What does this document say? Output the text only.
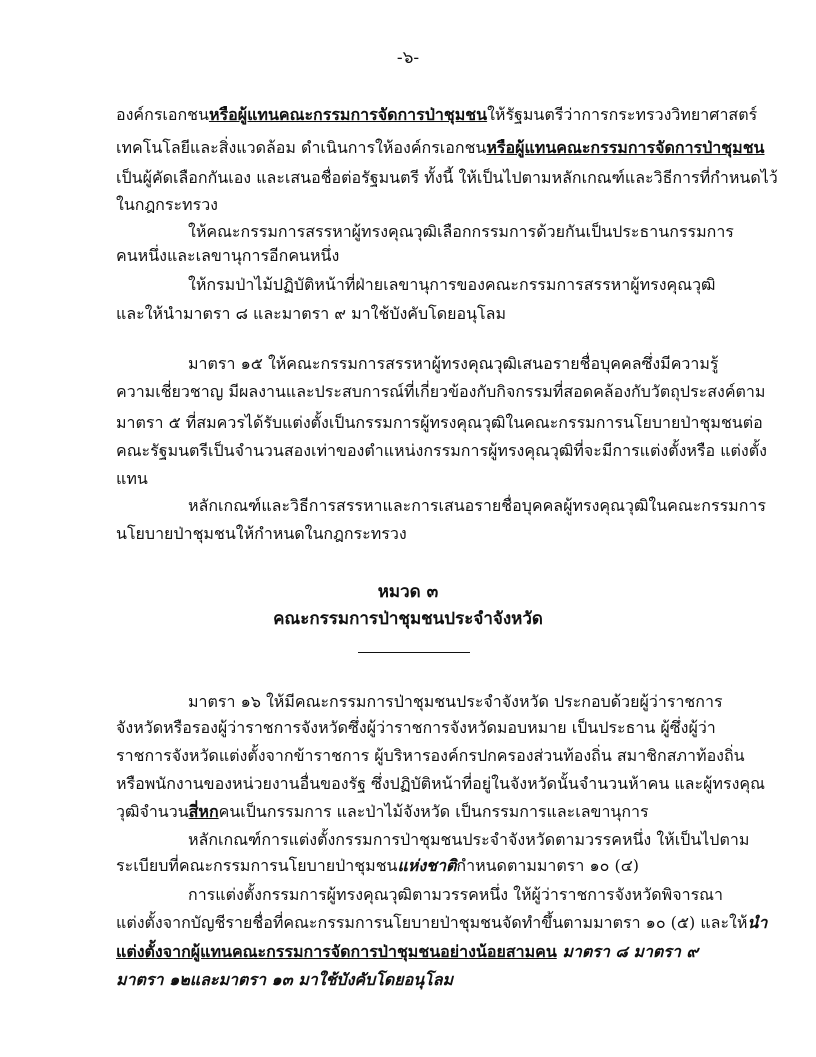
-๖-
องค์กรเอกชนหรือผู้แทนคณะกรรมการจัดการป่าชุมชนให้รัฐมนตรีว่าการกระทรวงวิทยาศาสตร์
เทคโนโลยีและสิ่งแวดล้อม ดำเนินการให้องค์กรเอกชนหรือผู้แทนคณะกรรมการจัดการป่าชุมชน
เป็นผู้คัดเลือกกันเอง และเสนอชื่อต่อรัฐมนตรี ทั้งนี้ ให้เป็นไปตามหลักเกณฑ์และวิธีการที่กำหนดไว้
ในกฎกระทรวง
ให้คณะกรรมการสรรหาผู้ทรงคุณวุฒิเลือกกรรมการด้วยกันเป็นประธานกรรมการ
คนหนึ่งและเลขานุการอีกคนหนึ่ง
ให้กรมป่าไม้ปฏิบัติหน้าที่ฝ่ายเลขานุการของคณะกรรมการสรรหาผู้ทรงคุณวุฒิ
และให้นำมาตรา ๘ และมาตรา ๙ มาใช้บังคับโดยอนุโลม
มาตรา ๑๕ ให้คณะกรรมการสรรหาผู้ทรงคุณวุฒิเสนอรายชื่อบุคคลซึ่งมีความรู้
ความเชี่ยวชาญ มีผลงานและประสบการณ์ที่เกี่ยวข้องกับกิจกรรมที่สอดคล้องกับวัตถุประสงค์ตาม
มาตรา ๕ ที่สมควรได้รับแต่งตั้งเป็นกรรมการผู้ทรงคุณวุฒิในคณะกรรมการนโยบายป่าชุมชนต่อ
คณะรัฐมนตรีเป็นจำนวนสองเท่าของตำแหน่งกรรมการผู้ทรงคุณวุฒิที่จะมีการแต่งตั้งหรือ แต่งตั้ง
แทน
หลักเกณฑ์และวิธีการสรรหาและการเสนอรายชื่อบุคคลผู้ทรงคุณวุฒิในคณะกรรมการ
นโยบายป่าชุมชนให้กำหนดในกฎกระทรวง
มาตรา ๑๖ ให้มีคณะกรรมการป่าชุมชนประจำจังหวัด ประกอบด้วยผู้ว่าราชการ
จังหวัดหรือรองผู้ว่าราชการจังหวัดซึ่งผู้ว่าราชการจังหวัดมอบหมาย เป็นประธาน ผู้ซึ่งผู้ว่า
ราชการจังหวัดแต่งตั้งจากข้าราชการ ผู้บริหารองค์กรปกครองส่วนท้องถิ่น สมาชิกสภาท้องถิ่น
หรือพนักงานของหน่วยงานอื่นของรัฐ ซึ่งปฏิบัติหน้าที่อยู่ในจังหวัดนั้นจำนวนห้าคน และผู้ทรงคุณ
วุฒิจำนวนสี่หกคนเป็นกรรมการ และป่าไม้จังหวัด เป็นกรรมการและเลขานุการ
หลักเกณฑ์การแต่งตั้งกรรมการป่าชุมชนประจำจังหวัดตามวรรคหนึ่ง ให้เป็นไปตาม
ระเบียบที่คณะกรรมการนโยบายป่าชุมชนแห่งชาติกำหนดตามมาตรา ๑๐ (๔)
การแต่งตั้งกรรมการผู้ทรงคุณวุฒิตามวรรคหนึ่ง ให้ผู้ว่าราชการจังหวัดพิจารณา
แต่งตั้งจากบัญชีรายชื่อที่คณะกรรมการนโยบายป่าชุมชนจัดทำขึ้นตามมาตรา ๑๐ (๕) และให้นำ
แต่งตั้งจากผู้แทนคณะกรรมการจัดการป่าชุมชนอย่างน้อยสามคน มาตรา ๘ มาตรา ๙
มาตรา ๑๒และมาตรา ๑๓ มาใช้บังคับโดยอนุโลม
หมวด ๓
คณะกรรมการป่าชุมชนประจำจังหวัด
